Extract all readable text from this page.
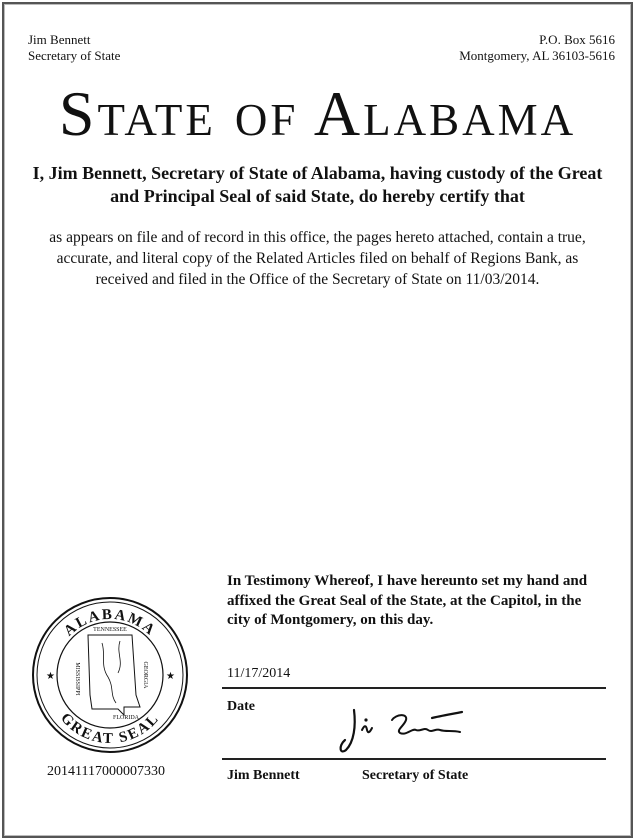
Jim Bennett
Secretary of State
P.O. Box 5616
Montgomery, AL 36103-5616
State of Alabama
I, Jim Bennett, Secretary of State of Alabama, having custody of the Great and Principal Seal of said State, do hereby certify that
as appears on file and of record in this office, the pages hereto attached, contain a true, accurate, and literal copy of the Related Articles filed on behalf of Regions Bank, as received and filed in the Office of the Secretary of State on 11/03/2014.
In Testimony Whereof, I have hereunto set my hand and affixed the Great Seal of the State, at the Capitol, in the city of Montgomery, on this day.
11/17/2014
Date
Jim Bennett	Secretary of State
ALABAMA
GREAT SEAL
★	★
TENNESSEE
MISSISSIPPI	GEORGIA
FLORIDA
20141117000007330
